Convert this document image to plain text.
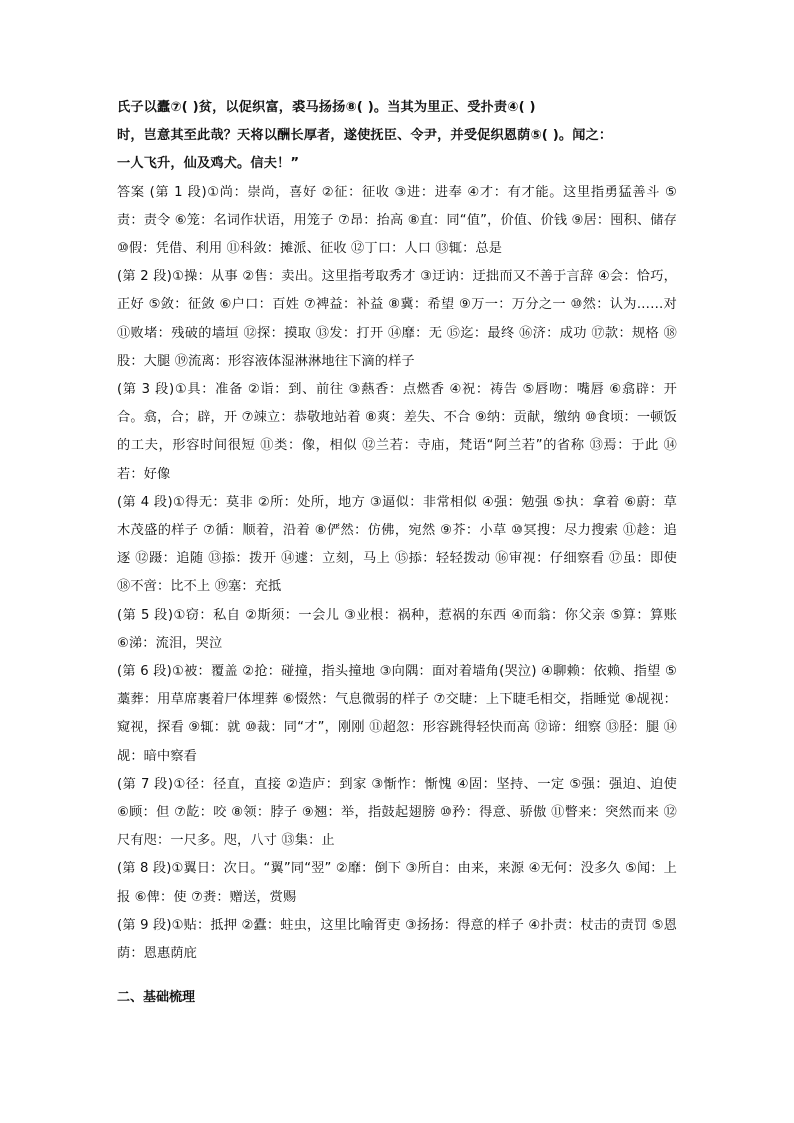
氏子以蠹⑦( )贫，以促织富，裘马扬扬⑧( )。当其为里正、受扑责④( )

时，岂意其至此哉？天将以酬长厚者，遂使抚臣、令尹，并受促织恩荫⑤( )。闻之：

一人飞升，仙及鸡犬。信夫！”

答案 (第 1 段)①尚：崇尚，喜好 ②征：征收 ③进：进奉 ④才：有才能。这里指勇猛善斗 ⑤责：责令 ⑥笼：名词作状语，用笼子 ⑦昂：抬高 ⑧直：同“值”，价值、价钱 ⑨居：囤积、储存 ⑩假：凭借、利用 ⑪科敛：摊派、征收 ⑫丁口：人口 ⑬辄：总是

(第 2 段)①操：从事 ②售：卖出。这里指考取秀才 ③迂讷：迂拙而又不善于言辞 ④会：恰巧，正好 ⑤敛：征敛 ⑥户口：百姓 ⑦裨益：补益 ⑧冀：希望 ⑨万一：万分之一 ⑩然：认为……对 ⑪败堵：残破的墙垣 ⑫探：摸取 ⑬发：打开 ⑭靡：无 ⑮迄：最终 ⑯济：成功 ⑰款：规格 ⑱股：大腿 ⑲流离：形容液体湿淋淋地往下滴的样子

(第 3 段)①具：准备 ②诣：到、前往 ③爇香：点燃香 ④祝：祷告 ⑤唇吻：嘴唇 ⑥翕辟：开合。翕，合；辟，开 ⑦竦立：恭敬地站着 ⑧爽：差失、不合 ⑨纳：贡献，缴纳 ⑩食顷：一顿饭的工夫，形容时间很短 ⑪类：像，相似 ⑫兰若：寺庙，梵语“阿兰若”的省称 ⑬焉：于此 ⑭若：好像

(第 4 段)①得无：莫非 ②所：处所，地方 ③逼似：非常相似 ④强：勉强 ⑤执：拿着 ⑥蔚：草木茂盛的样子 ⑦循：顺着，沿着 ⑧俨然：仿佛，宛然 ⑨芥：小草 ⑩冥搜：尽力搜索 ⑪趁：追逐 ⑫蹑：追随 ⑬掭：拨开 ⑭遽：立刻，马上 ⑮掭：轻轻拨动 ⑯审视：仔细察看 ⑰虽：即使 ⑱不啻：比不上 ⑲塞：充抵

(第 5 段)①窃：私自 ②斯须：一会儿 ③业根：祸种，惹祸的东西 ④而翁：你父亲 ⑤算：算账 ⑥涕：流泪，哭泣

(第 6 段)①被：覆盖 ②抢：碰撞，指头撞地 ③向隅：面对着墙角(哭泣) ④聊赖：依赖、指望 ⑤藁葬：用草席裹着尸体埋葬 ⑥惙然：气息微弱的样子 ⑦交睫：上下睫毛相交，指睡觉 ⑧觇视：窥视，探看 ⑨辄：就 ⑩裁：同“才”，刚刚 ⑪超忽：形容跳得轻快而高 ⑫谛：细察 ⑬胫：腿 ⑭觇：暗中察看

(第 7 段)①径：径直，直接 ②造庐：到家 ③惭怍：惭愧 ④固：坚持、一定 ⑤强：强迫、迫使 ⑥顾：但 ⑦龁：咬 ⑧领：脖子 ⑨翘：举，指鼓起翅膀 ⑩矜：得意、骄傲 ⑪瞥来：突然而来 ⑫尺有咫：一尺多。咫，八寸 ⑬集：止

(第 8 段)①翼日：次日。“翼”同“翌” ②靡：倒下 ③所自：由来，来源 ④无何：没多久 ⑤闻：上报 ⑥俾：使 ⑦赉：赠送，赏赐

(第 9 段)①贴：抵押 ②蠹：蛀虫，这里比喻胥吏 ③扬扬：得意的样子 ④扑责：杖击的责罚 ⑤恩荫：恩惠荫庇

二、基础梳理
